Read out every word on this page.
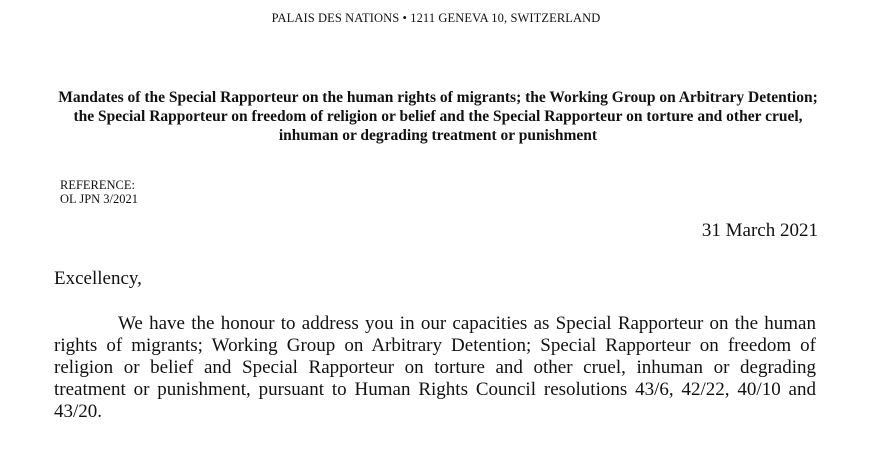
PALAIS DES NATIONS • 1211 GENEVA 10, SWITZERLAND
Mandates of the Special Rapporteur on the human rights of migrants; the Working Group on Arbitrary Detention; the Special Rapporteur on freedom of religion or belief and the Special Rapporteur on torture and other cruel, inhuman or degrading treatment or punishment
REFERENCE:
OL JPN 3/2021
31 March 2021
Excellency,
We have the honour to address you in our capacities as Special Rapporteur on the human rights of migrants; Working Group on Arbitrary Detention; Special Rapporteur on freedom of religion or belief and Special Rapporteur on torture and other cruel, inhuman or degrading treatment or punishment, pursuant to Human Rights Council resolutions 43/6, 42/22, 40/10 and 43/20.
